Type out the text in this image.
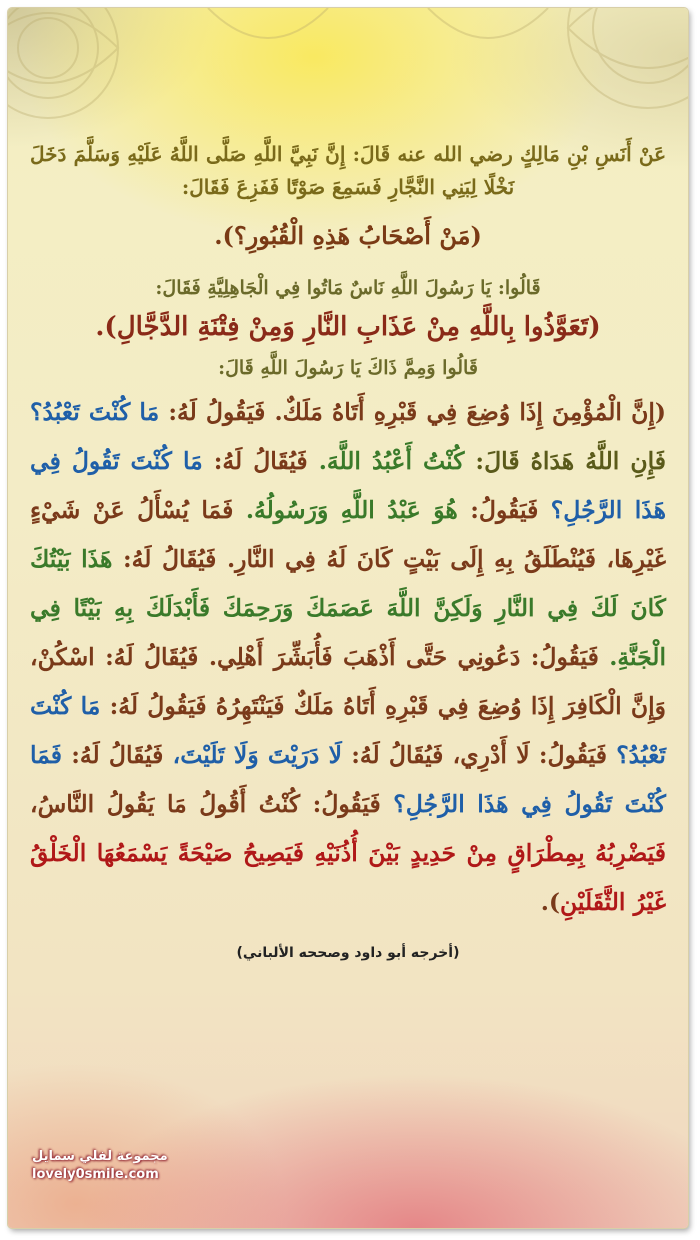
عَنْ أَنَسِ بْنِ مَالِكٍ رضي الله عنه قَالَ: إِنَّ نَبِيَّ اللَّهِ صَلَّى اللَّهُ عَلَيْهِ وَسَلَّمَ دَخَلَ نَخْلًا لِبَنِي النَّجَّارِ فَسَمِعَ صَوْتًا فَفَزِعَ فَقَالَ:

(مَنْ أَصْحَابُ هَذِهِ الْقُبُورِ؟).

قَالُوا: يَا رَسُولَ اللَّهِ نَاسٌ مَاتُوا فِي الْجَاهِلِيَّةِ فَقَالَ:

(تَعَوَّذُوا بِاللَّهِ مِنْ عَذَابِ النَّارِ وَمِنْ فِتْنَةِ الدَّجَّالِ).

قَالُوا وَمِمَّ ذَاكَ يَا رَسُولَ اللَّهِ قَالَ:

(إِنَّ الْمُؤْمِنَ إِذَا وُضِعَ فِي قَبْرِهِ أَتَاهُ مَلَكٌ. فَيَقُولُ لَهُ: مَا كُنْتَ تَعْبُدُ؟ فَإِنِ اللَّهُ هَدَاهُ قَالَ: كُنْتُ أَعْبُدُ اللَّهَ. فَيُقَالُ لَهُ: مَا كُنْتَ تَقُولُ فِي هَذَا الرَّجُلِ؟ فَيَقُولُ: هُوَ عَبْدُ اللَّهِ وَرَسُولُهُ. فَمَا يُسْأَلُ عَنْ شَيْءٍ غَيْرِهَا، فَيُنْطَلَقُ بِهِ إِلَى بَيْتٍ كَانَ لَهُ فِي النَّارِ. فَيُقَالُ لَهُ: هَذَا بَيْتُكَ كَانَ لَكَ فِي النَّارِ وَلَكِنَّ اللَّهَ عَصَمَكَ وَرَحِمَكَ فَأَبْدَلَكَ بِهِ بَيْتًا فِي الْجَنَّةِ. فَيَقُولُ: دَعُونِي حَتَّى أَذْهَبَ فَأُبَشِّرَ أَهْلِي. فَيُقَالُ لَهُ: اسْكُنْ، وَإِنَّ الْكَافِرَ إِذَا وُضِعَ فِي قَبْرِهِ أَتَاهُ مَلَكٌ فَيَنْتَهِرُهُ فَيَقُولُ لَهُ: مَا كُنْتَ تَعْبُدُ؟ فَيَقُولُ: لَا أَدْرِي، فَيُقَالُ لَهُ: لَا دَرَيْتَ وَلَا تَلَيْتَ، فَيُقَالُ لَهُ: فَمَا كُنْتَ تَقُولُ فِي هَذَا الرَّجُلِ؟ فَيَقُولُ: كُنْتُ أَقُولُ مَا يَقُولُ النَّاسُ، فَيَضْرِبُهُ بِمِطْرَاقٍ مِنْ حَدِيدٍ بَيْنَ أُذُنَيْهِ فَيَصِيحُ صَيْحَةً يَسْمَعُهَا الْخَلْقُ غَيْرُ الثَّقَلَيْنِ).

(أخرجه أبو داود وصححه الألباني)

مجموعة لفلي سمايل
lovely0smile.com
